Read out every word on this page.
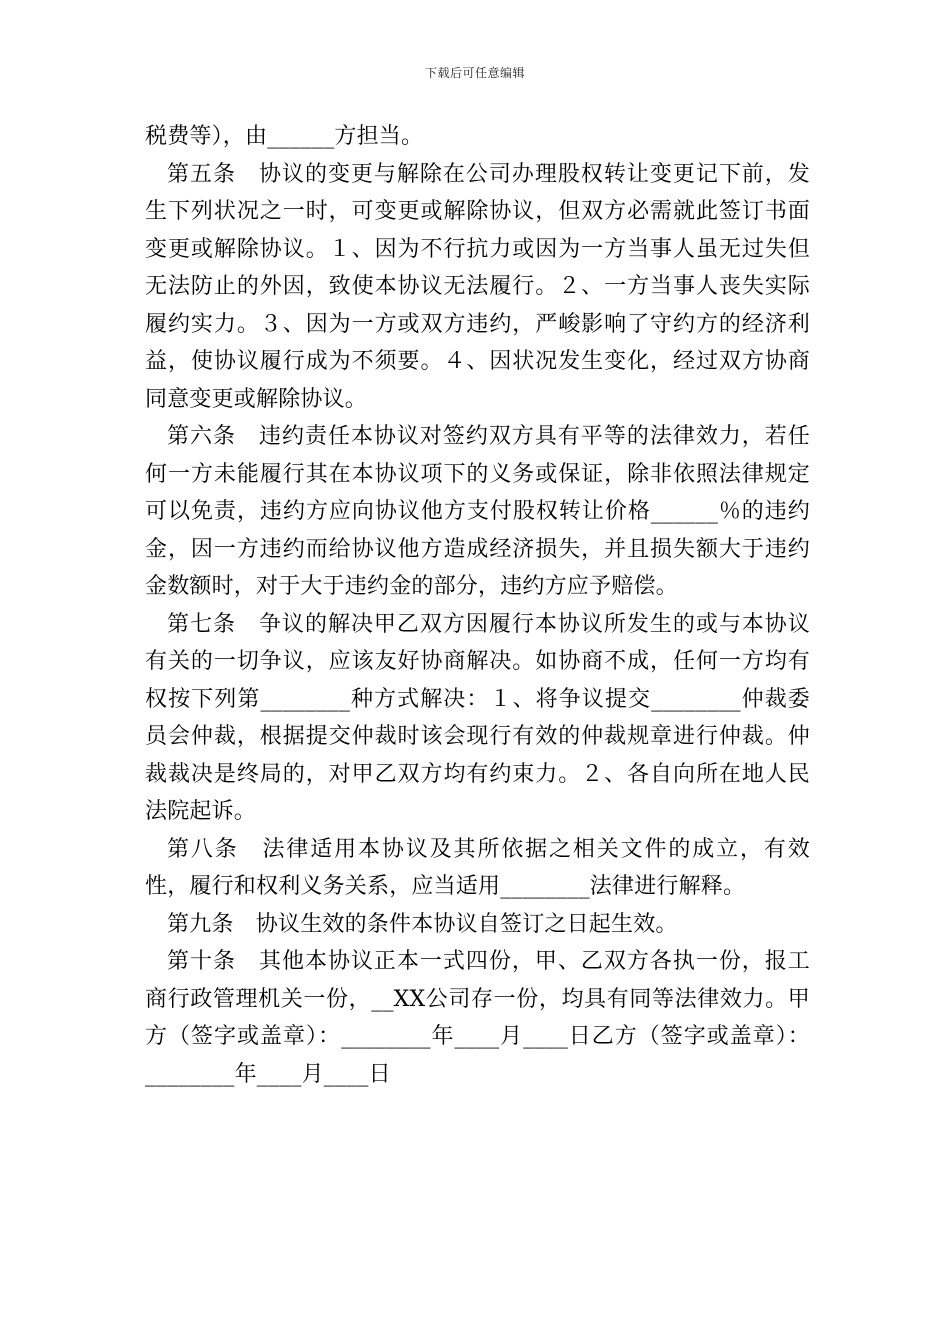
下载后可任意编辑

税费等），由______方担当。

第五条　协议的变更与解除在公司办理股权转让变更记下前，发生下列状况之一时，可变更或解除协议，但双方必需就此签订书面变更或解除协议。１、因为不行抗力或因为一方当事人虽无过失但无法防止的外因，致使本协议无法履行。２、一方当事人丧失实际履约实力。３、因为一方或双方违约，严峻影响了守约方的经济利益，使协议履行成为不须要。４、因状况发生变化，经过双方协商同意变更或解除协议。

第六条　违约责任本协议对签约双方具有平等的法律效力，若任何一方未能履行其在本协议项下的义务或保证，除非依照法律规定可以免责，违约方应向协议他方支付股权转让价格______％的违约金，因一方违约而给协议他方造成经济损失，并且损失额大于违约金数额时，对于大于违约金的部分，违约方应予赔偿。

第七条　争议的解决甲乙双方因履行本协议所发生的或与本协议有关的一切争议，应该友好协商解决。如协商不成，任何一方均有权按下列第________种方式解决：１、将争议提交________仲裁委员会仲裁，根据提交仲裁时该会现行有效的仲裁规章进行仲裁。仲裁裁决是终局的，对甲乙双方均有约束力。２、各自向所在地人民法院起诉。

第八条　法律适用本协议及其所依据之相关文件的成立，有效性，履行和权利义务关系，应当适用________法律进行解释。

第九条　协议生效的条件本协议自签订之日起生效。

第十条　其他本协议正本一式四份，甲、乙双方各执一份，报工商行政管理机关一份，__XX公司存一份，均具有同等法律效力。甲方（签字或盖章）：________年____月____日乙方（签字或盖章）：________年____月____日
